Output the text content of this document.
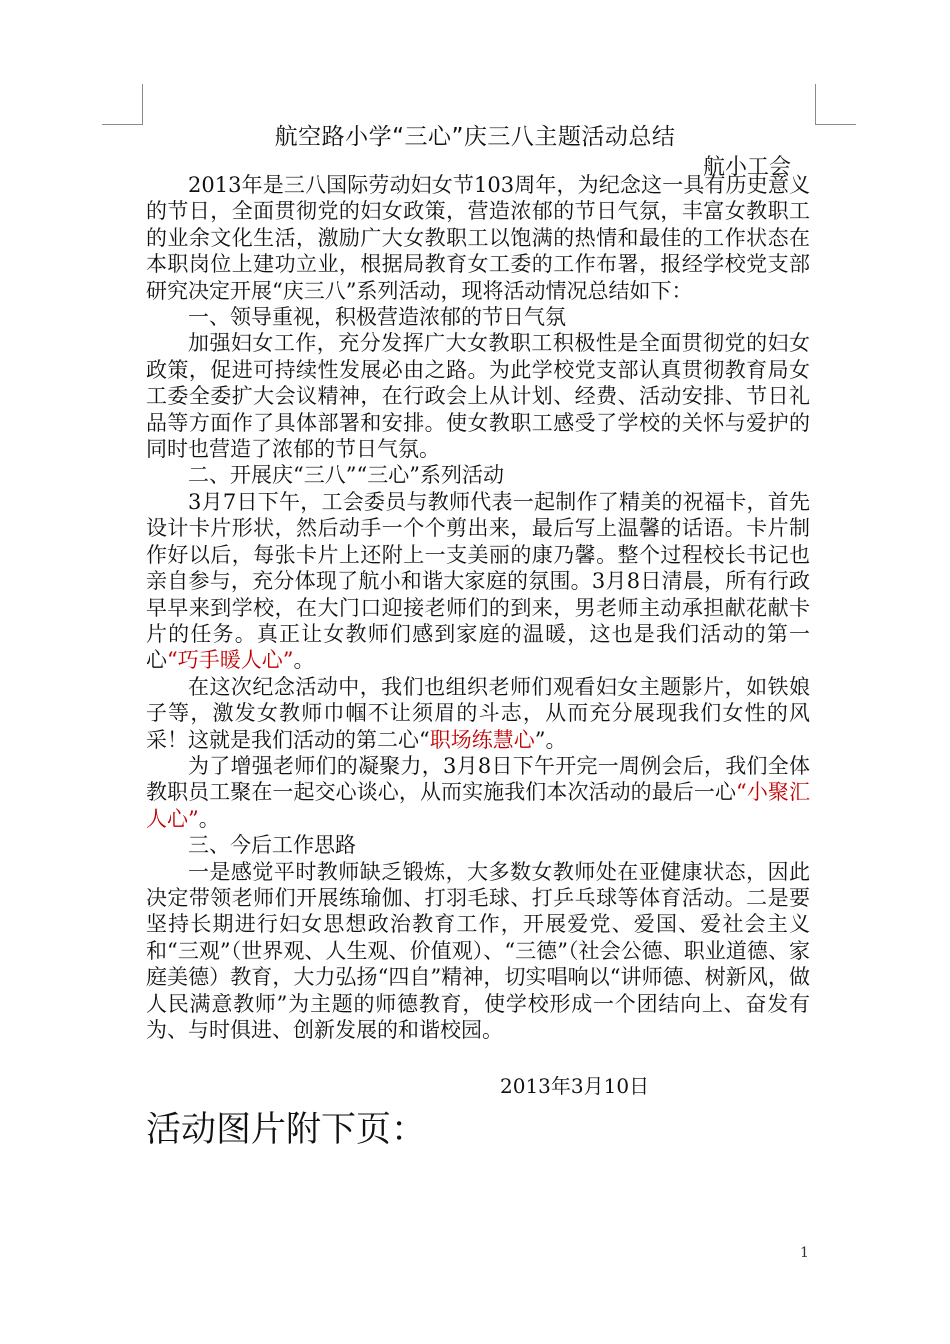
航空路小学“三心”庆三八主题活动总结
航小工会

2013年是三八国际劳动妇女节103周年，为纪念这一具有历史意义的节日，全面贯彻党的妇女政策，营造浓郁的节日气氛，丰富女教职工的业余文化生活，激励广大女教职工以饱满的热情和最佳的工作状态在本职岗位上建功立业，根据局教育女工委的工作布署，报经学校党支部研究决定开展“庆三八”系列活动，现将活动情况总结如下：

一、领导重视，积极营造浓郁的节日气氛

加强妇女工作，充分发挥广大女教职工积极性是全面贯彻党的妇女政策，促进可持续性发展必由之路。为此学校党支部认真贯彻教育局女工委全委扩大会议精神，在行政会上从计划、经费、活动安排、节日礼品等方面作了具体部署和安排。使女教职工感受了学校的关怀与爱护的同时也营造了浓郁的节日气氛。

二、开展庆“三八”“三心”系列活动

3月7日下午，工会委员与教师代表一起制作了精美的祝福卡，首先设计卡片形状，然后动手一个个剪出来，最后写上温馨的话语。卡片制作好以后，每张卡片上还附上一支美丽的康乃馨。整个过程校长书记也亲自参与，充分体现了航小和谐大家庭的氛围。3月8日清晨，所有行政早早来到学校，在大门口迎接老师们的到来，男老师主动承担献花献卡片的任务。真正让女教师们感到家庭的温暖，这也是我们活动的第一心“巧手暖人心”。

在这次纪念活动中，我们也组织老师们观看妇女主题影片，如铁娘子等，激发女教师巾帼不让须眉的斗志，从而充分展现我们女性的风采！这就是我们活动的第二心“职场练慧心”。

为了增强老师们的凝聚力，3月8日下午开完一周例会后，我们全体教职员工聚在一起交心谈心，从而实施我们本次活动的最后一心“小聚汇人心”。

三、今后工作思路

一是感觉平时教师缺乏锻炼，大多数女教师处在亚健康状态，因此决定带领老师们开展练瑜伽、打羽毛球、打乒乓球等体育活动。二是要坚持长期进行妇女思想政治教育工作，开展爱党、爱国、爱社会主义和“三观”（世界观、人生观、价值观）、“三德”（社会公德、职业道德、家庭美德）教育，大力弘扬“四自”精神，切实唱响以“讲师德、树新风，做人民满意教师”为主题的师德教育，使学校形成一个团结向上、奋发有为、与时俱进、创新发展的和谐校园。

2013年3月10日
活动图片附下页：
1
